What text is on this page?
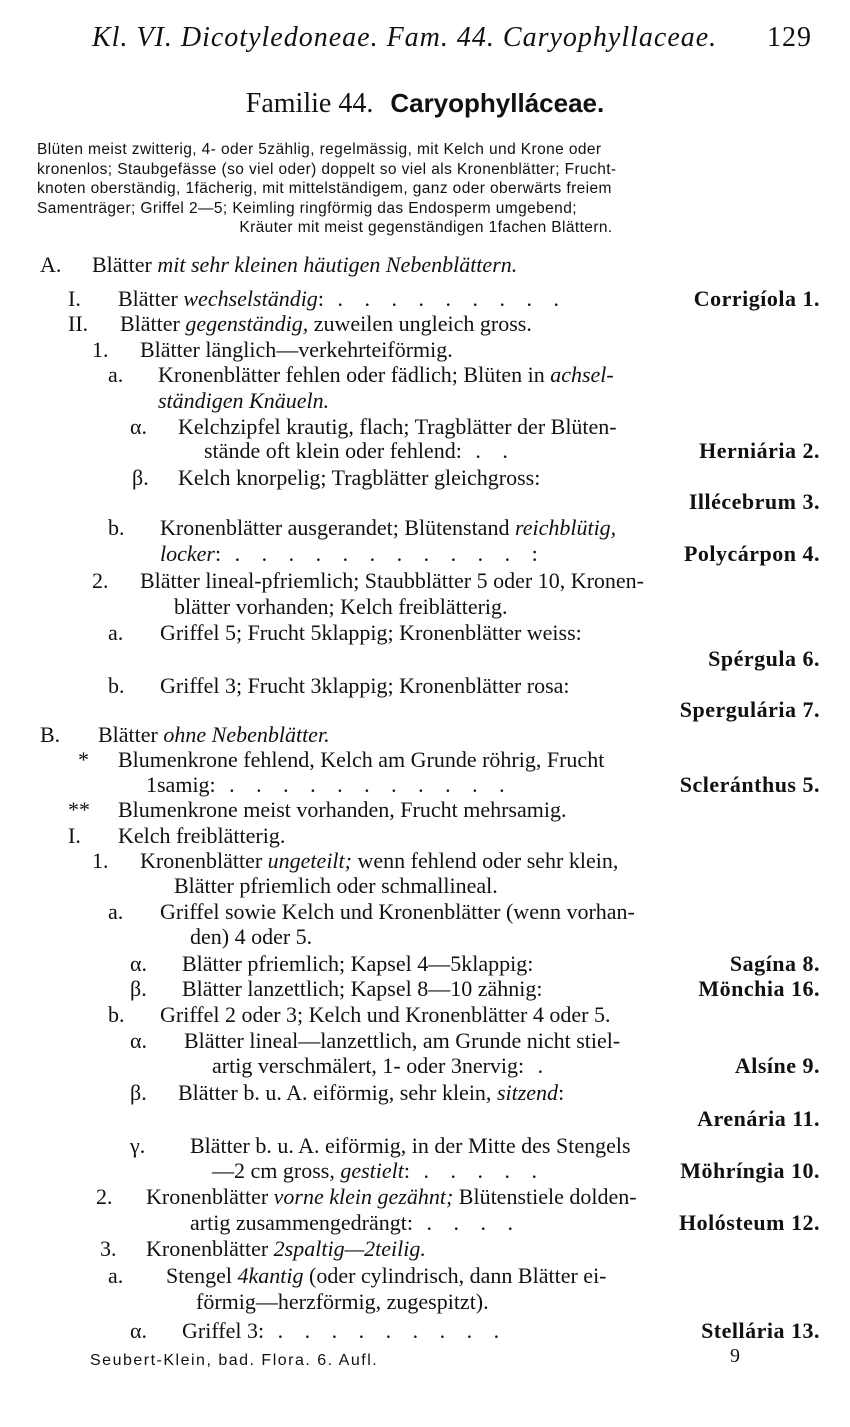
Kl. VI. Dicotyledoneae. Fam. 44. Caryophyllaceae. 129
Familie 44. Caryophylláceae.
Blüten meist zwitterig, 4- oder 5zählig, regelmässig, mit Kelch und Krone oder
kronenlos; Staubgefässe (so viel oder) doppelt so viel als Kronenblätter; Frucht-
knoten oberständig, 1fächerig, mit mittelständigem, ganz oder oberwärts freiem
Samenträger; Griffel 2—5; Keimling ringförmig das Endosperm umgebend;
Kräuter mit meist gegenständigen 1fachen Blättern.
A. Blätter mit sehr kleinen häutigen Nebenblättern.
I. Blätter wechselständig: . . . . . . . . .	Corrigíola 1.
II. Blätter gegenständig, zuweilen ungleich gross.
1. Blätter länglich—verkehrteiförmig.
a. Kronenblätter fehlen oder fädlich; Blüten in achsel-
ständigen Knäueln.
α. Kelchzipfel krautig, flach; Tragblätter der Blüten-
stände oft klein oder fehlend: . .	Herniária 2.
β. Kelch knorpelig; Tragblätter gleichgross:
Illécebrum 3.
b. Kronenblätter ausgerandet; Blütenstand reichblütig,
locker: . . . . . . . . . . . :	Polycárpon 4.
2. Blätter lineal-pfriemlich; Staubblätter 5 oder 10, Kronen-
blätter vorhanden; Kelch freiblätterig.
a. Griffel 5; Frucht 5klappig; Kronenblätter weiss:
Spérgula 6.
b. Griffel 3; Frucht 3klappig; Kronenblätter rosa:
Spergulária 7.
B. Blätter ohne Nebenblätter.
* Blumenkrone fehlend, Kelch am Grunde röhrig, Frucht
1samig: . . . . . . . . . . .	Scleránthus 5.
** Blumenkrone meist vorhanden, Frucht mehrsamig.
I. Kelch freiblätterig.
1. Kronenblätter ungeteilt; wenn fehlend oder sehr klein,
Blätter pfriemlich oder schmallineal.
a. Griffel sowie Kelch und Kronenblätter (wenn vorhan-
den) 4 oder 5.
α. Blätter pfriemlich; Kapsel 4—5klappig:	Sagína 8.
β. Blätter lanzettlich; Kapsel 8—10 zähnig:	Mönchia 16.
b. Griffel 2 oder 3; Kelch und Kronenblätter 4 oder 5.
α. Blätter lineal—lanzettlich, am Grunde nicht stiel-
artig verschmälert, 1- oder 3nervig: .	Alsíne 9.
β. Blätter b. u. A. eiförmig, sehr klein, sitzend:
Arenária 11.
γ. Blätter b. u. A. eiförmig, in der Mitte des Stengels
—2 cm gross, gestielt: . . . . .	Möhríngia 10.
2. Kronenblätter vorne klein gezähnt; Blütenstiele dolden-
artig zusammengedrängt: . . . .	Holósteum 12.
3. Kronenblätter 2spaltig—2teilig.
a. Stengel 4kantig (oder cylindrisch, dann Blätter ei-
förmig—herzförmig, zugespitzt).
α. Griffel 3: . . . . . . . . .	Stellária 13.
Seubert-Klein, bad. Flora. 6. Aufl.	9
